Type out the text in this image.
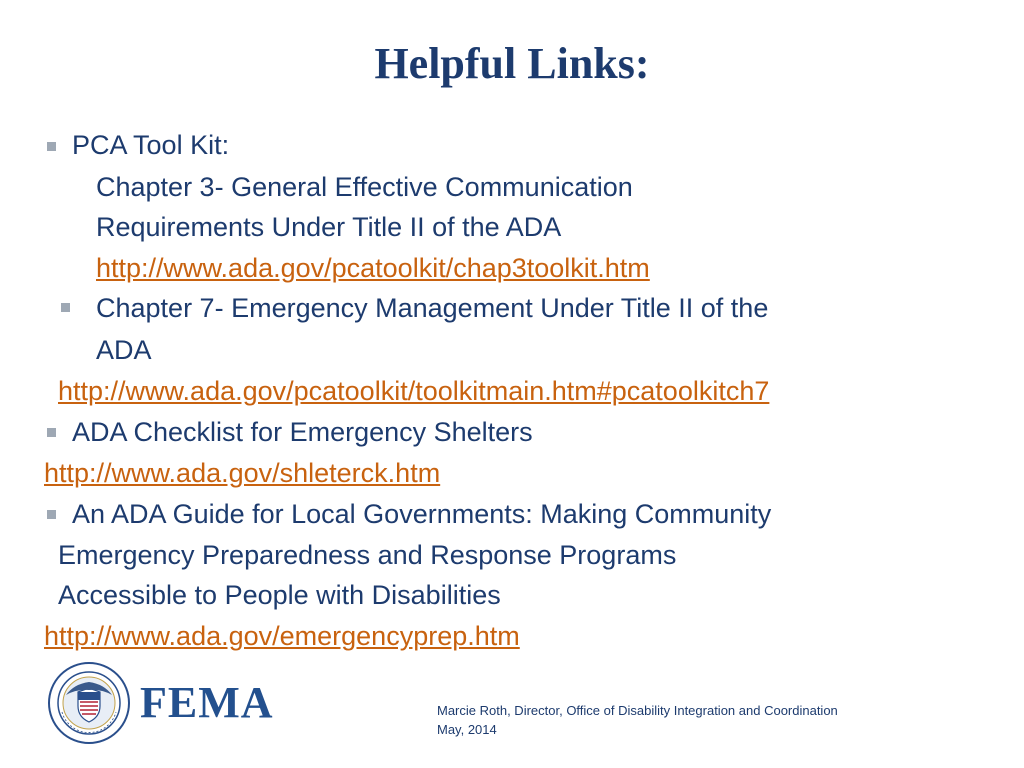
Helpful Links:

PCA Tool Kit:

Chapter 3- General Effective Communication

Requirements Under Title II of the ADA

http://www.ada.gov/pcatoolkit/chap3toolkit.htm

Chapter 7- Emergency Management Under Title II of the

ADA

http://www.ada.gov/pcatoolkit/toolkitmain.htm#pcatoolkitch7

ADA Checklist for Emergency Shelters

http://www.ada.gov/shleterck.htm

An ADA Guide for Local Governments: Making Community

Emergency Preparedness and Response Programs

Accessible to People with Disabilities

http://www.ada.gov/emergencyprep.htm

FEMA	Marcie Roth, Director, Office of Disability Integration and Coordination
May, 2014
